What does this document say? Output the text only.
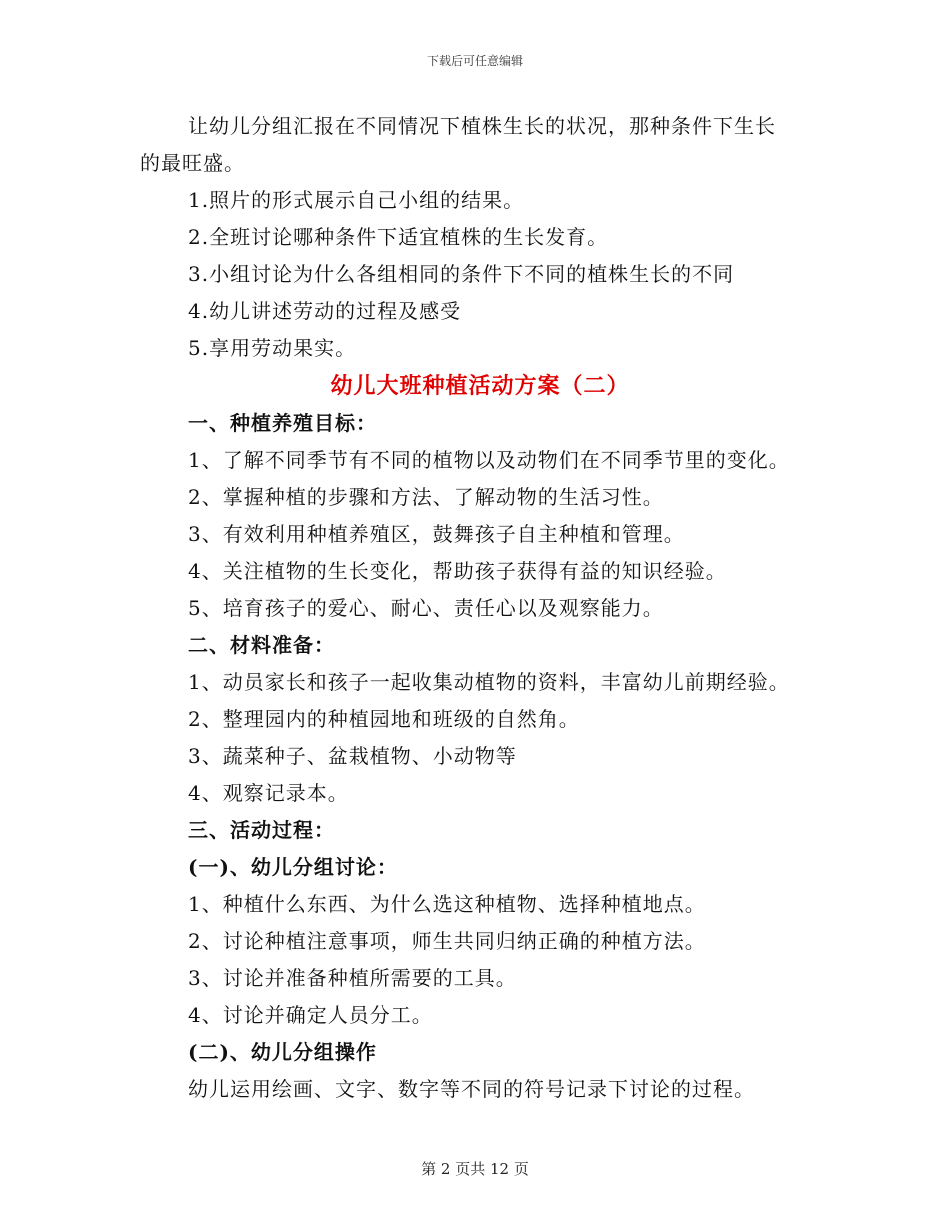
下载后可任意编辑

让幼儿分组汇报在不同情况下植株生长的状况，那种条件下生长

的最旺盛。

1.照片的形式展示自己小组的结果。

2.全班讨论哪种条件下适宜植株的生长发育。

3.小组讨论为什么各组相同的条件下不同的植株生长的不同

4.幼儿讲述劳动的过程及感受

5.享用劳动果实。

幼儿大班种植活动方案（二）

一、种植养殖目标：

1、了解不同季节有不同的植物以及动物们在不同季节里的变化。

2、掌握种植的步骤和方法、了解动物的生活习性。

3、有效利用种植养殖区，鼓舞孩子自主种植和管理。

4、关注植物的生长变化，帮助孩子获得有益的知识经验。

5、培育孩子的爱心、耐心、责任心以及观察能力。

二、材料准备：

1、动员家长和孩子一起收集动植物的资料，丰富幼儿前期经验。

2、整理园内的种植园地和班级的自然角。

3、蔬菜种子、盆栽植物、小动物等

4、观察记录本。

三、活动过程：

(一)、幼儿分组讨论：

1、种植什么东西、为什么选这种植物、选择种植地点。

2、讨论种植注意事项，师生共同归纳正确的种植方法。

3、讨论并准备种植所需要的工具。

4、讨论并确定人员分工。

(二)、幼儿分组操作

幼儿运用绘画、文字、数字等不同的符号记录下讨论的过程。

第 2 页共 12 页
